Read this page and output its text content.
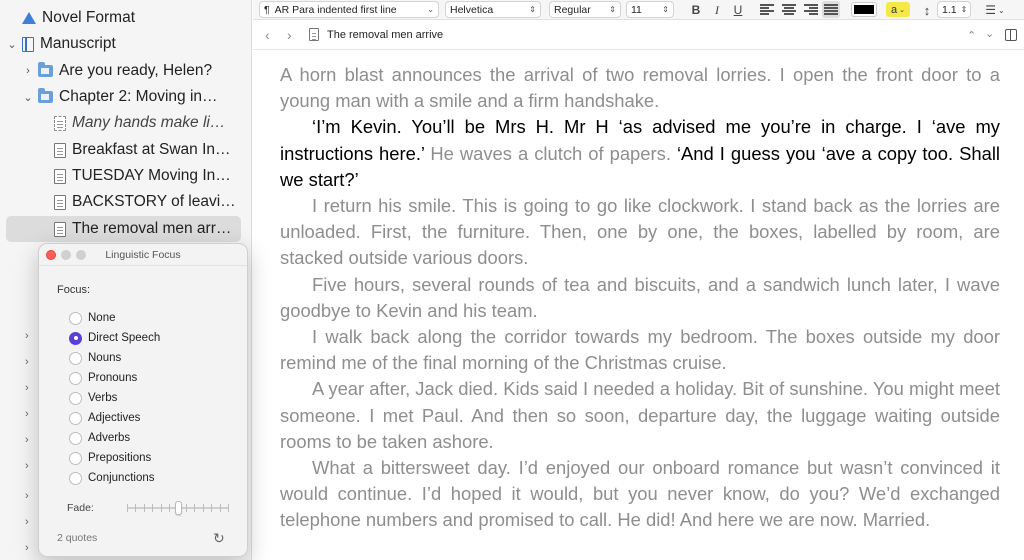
Novel Format
⌄ Manuscript
› Are you ready, Helen?
⌄ Chapter 2: Moving in…
Many hands make li…
Breakfast at Swan In…
TUESDAY Moving In…
BACKSTORY of leavi…
The removal men arr…
›
›
›
›
›
›
›
›
›
Linguistic Focus
Focus:
None
Direct Speech
Nouns
Pronouns
Verbs
Adjectives
Adverbs
Prepositions
Conjunctions
Fade:
2 quotes	↻
¶ AR Para indented first line	⌄ Helvetica	⇕ Regular	⇕ 11	⇕ B	I	U	a ⌄ ↕ 1.1 ⇕ ☰ ⌄
‹ ›	The removal men arrive	⌃ ⌄

A horn blast announces the arrival of two removal lorries. I open the front door to a young man with a smile and a firm handshake.

‘I’m Kevin. You’ll be Mrs H. Mr H ‘as advised me you’re in charge. I ‘ave my instructions here.’ He waves a clutch of papers. ‘And I guess you ‘ave a copy too. Shall we start?’

I return his smile. This is going to go like clockwork. I stand back as the lorries are unloaded. First, the furniture. Then, one by one, the boxes, labelled by room, are stacked outside various doors.

Five hours, several rounds of tea and biscuits, and a sandwich lunch later, I wave goodbye to Kevin and his team.

I walk back along the corridor towards my bedroom. The boxes outside my door remind me of the final morning of the Christmas cruise.

A year after, Jack died. Kids said I needed a holiday. Bit of sunshine. You might meet someone. I met Paul. And then so soon, departure day, the luggage waiting outside rooms to be taken ashore.

What a bittersweet day. I’d enjoyed our onboard romance but wasn’t convinced it would continue. I’d hoped it would, but you never know, do you? We’d exchanged telephone numbers and promised to call. He did! And here we are now. Married.
